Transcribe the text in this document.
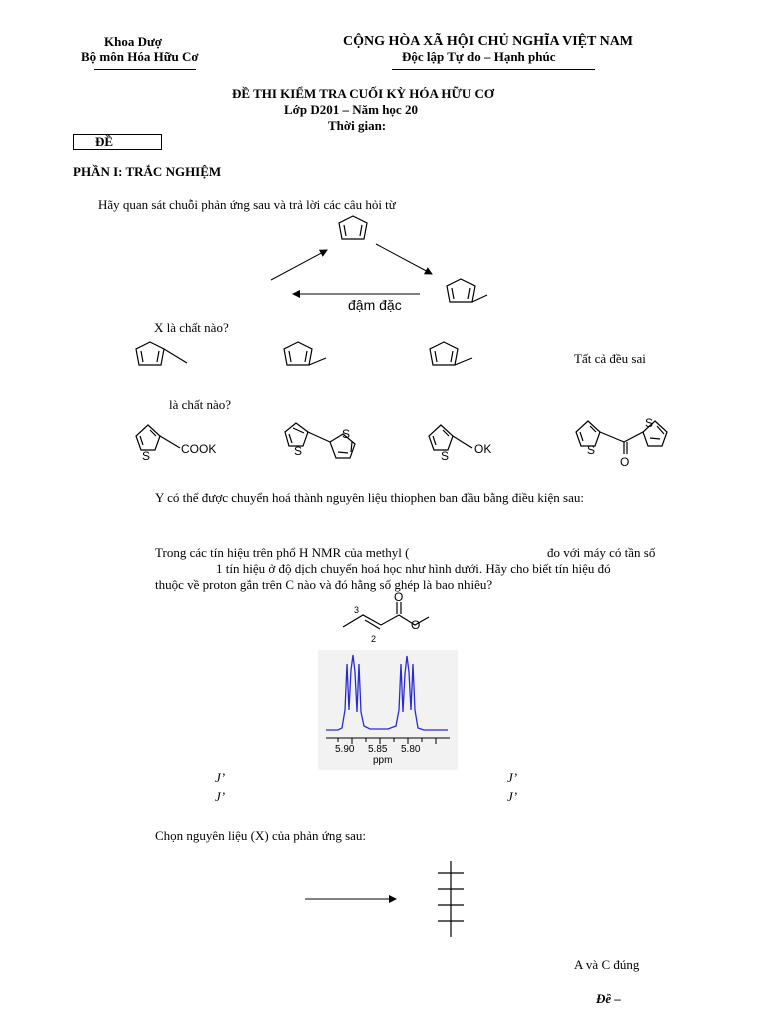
Khoa Dượ
Bộ môn Hóa Hữu Cơ
CỘNG HÒA XÃ HỘI CHỦ NGHĨA VIỆT NAM
Độc lập Tự do – Hạnh phúc
ĐỀ THI KIỂM TRA CUỐI KỲ HÓA HỮU CƠ
Lớp D201 – Năm học 20
Thời gian:
ĐỀ
PHẦN I: TRẮC NGHIỆM
Hãy quan sát chuỗi phản ứng sau và trả lời các câu hỏi từ
đậm đặc
X là chất nào?
Tất cả đều sai
là chất nào?
S	COOK	S
S
S OK	S
S
O
Y có thể được chuyển hoá thành nguyên liệu thiophen ban đầu bằng điều kiện sau:
Trong các tín hiệu trên phổ H NMR của methyl (	đo với máy có tần số
1 tín hiệu ở độ dịch chuyển hoá học như hình dưới. Hãy cho biết tín hiệu đó
thuộc về proton gắn trên C nào và đó hằng số ghép là bao nhiêu?
O
O
3
2
5.90 5.85 5.80
ppm
J’	J’
J’	J’
Chọn nguyên liệu (X) của phản ứng sau:
A và C đúng
Đề –
